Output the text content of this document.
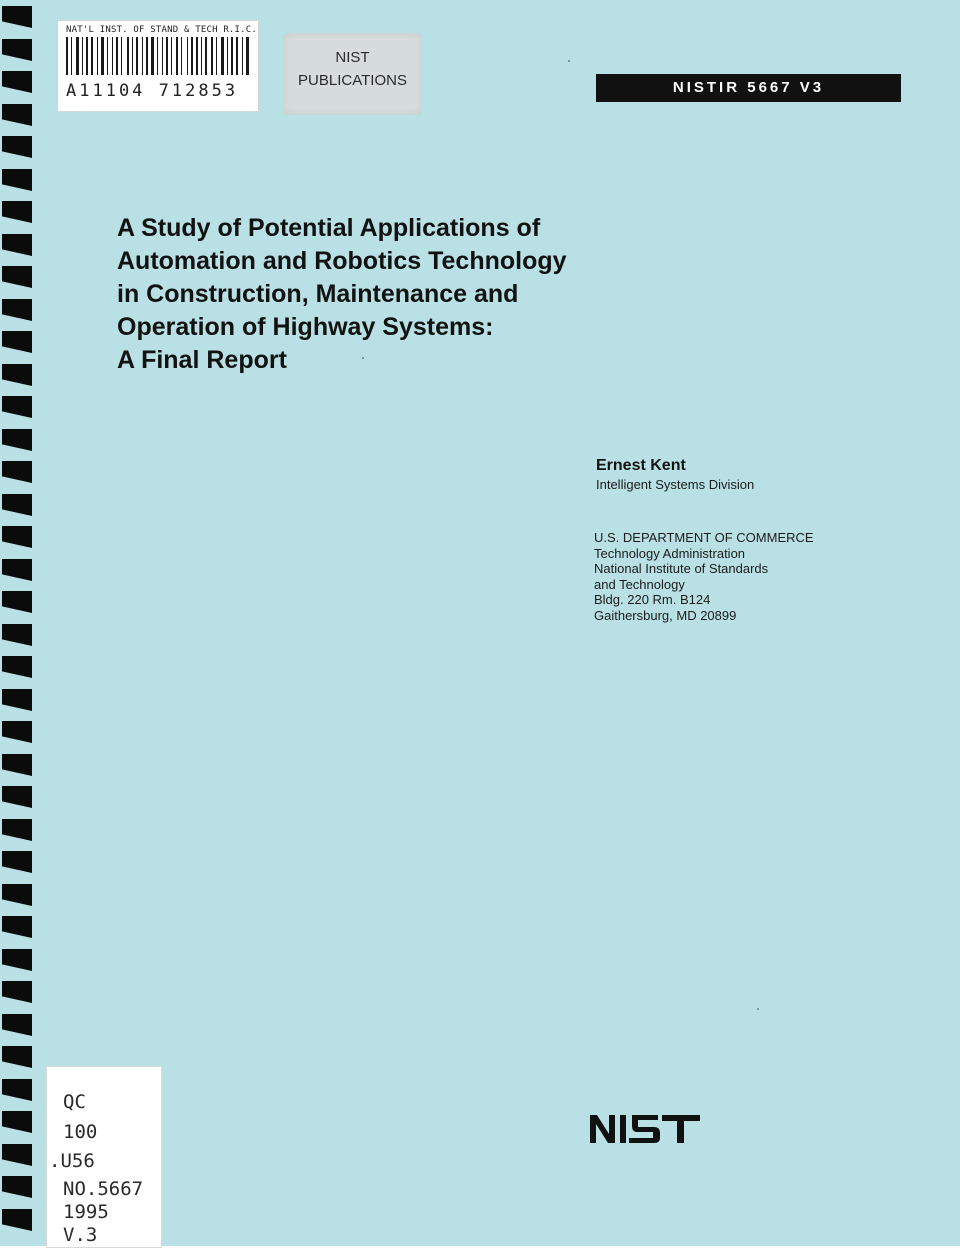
NAT'L INST. OF STAND & TECH R.I.C.
A11104 712853
NIST
PUBLICATIONS	NISTIR 5667 V3
A Study of Potential Applications of
Automation and Robotics Technology
in Construction, Maintenance and
Operation of Highway Systems:
A Final Report
Ernest Kent
Intelligent Systems Division
U.S. DEPARTMENT OF COMMERCE
Technology Administration
National Institute of Standards
and Technology
Bldg. 220 Rm. B124
Gaithersburg, MD 20899
QC
100
.U56
NO.5667
1995
V.3
